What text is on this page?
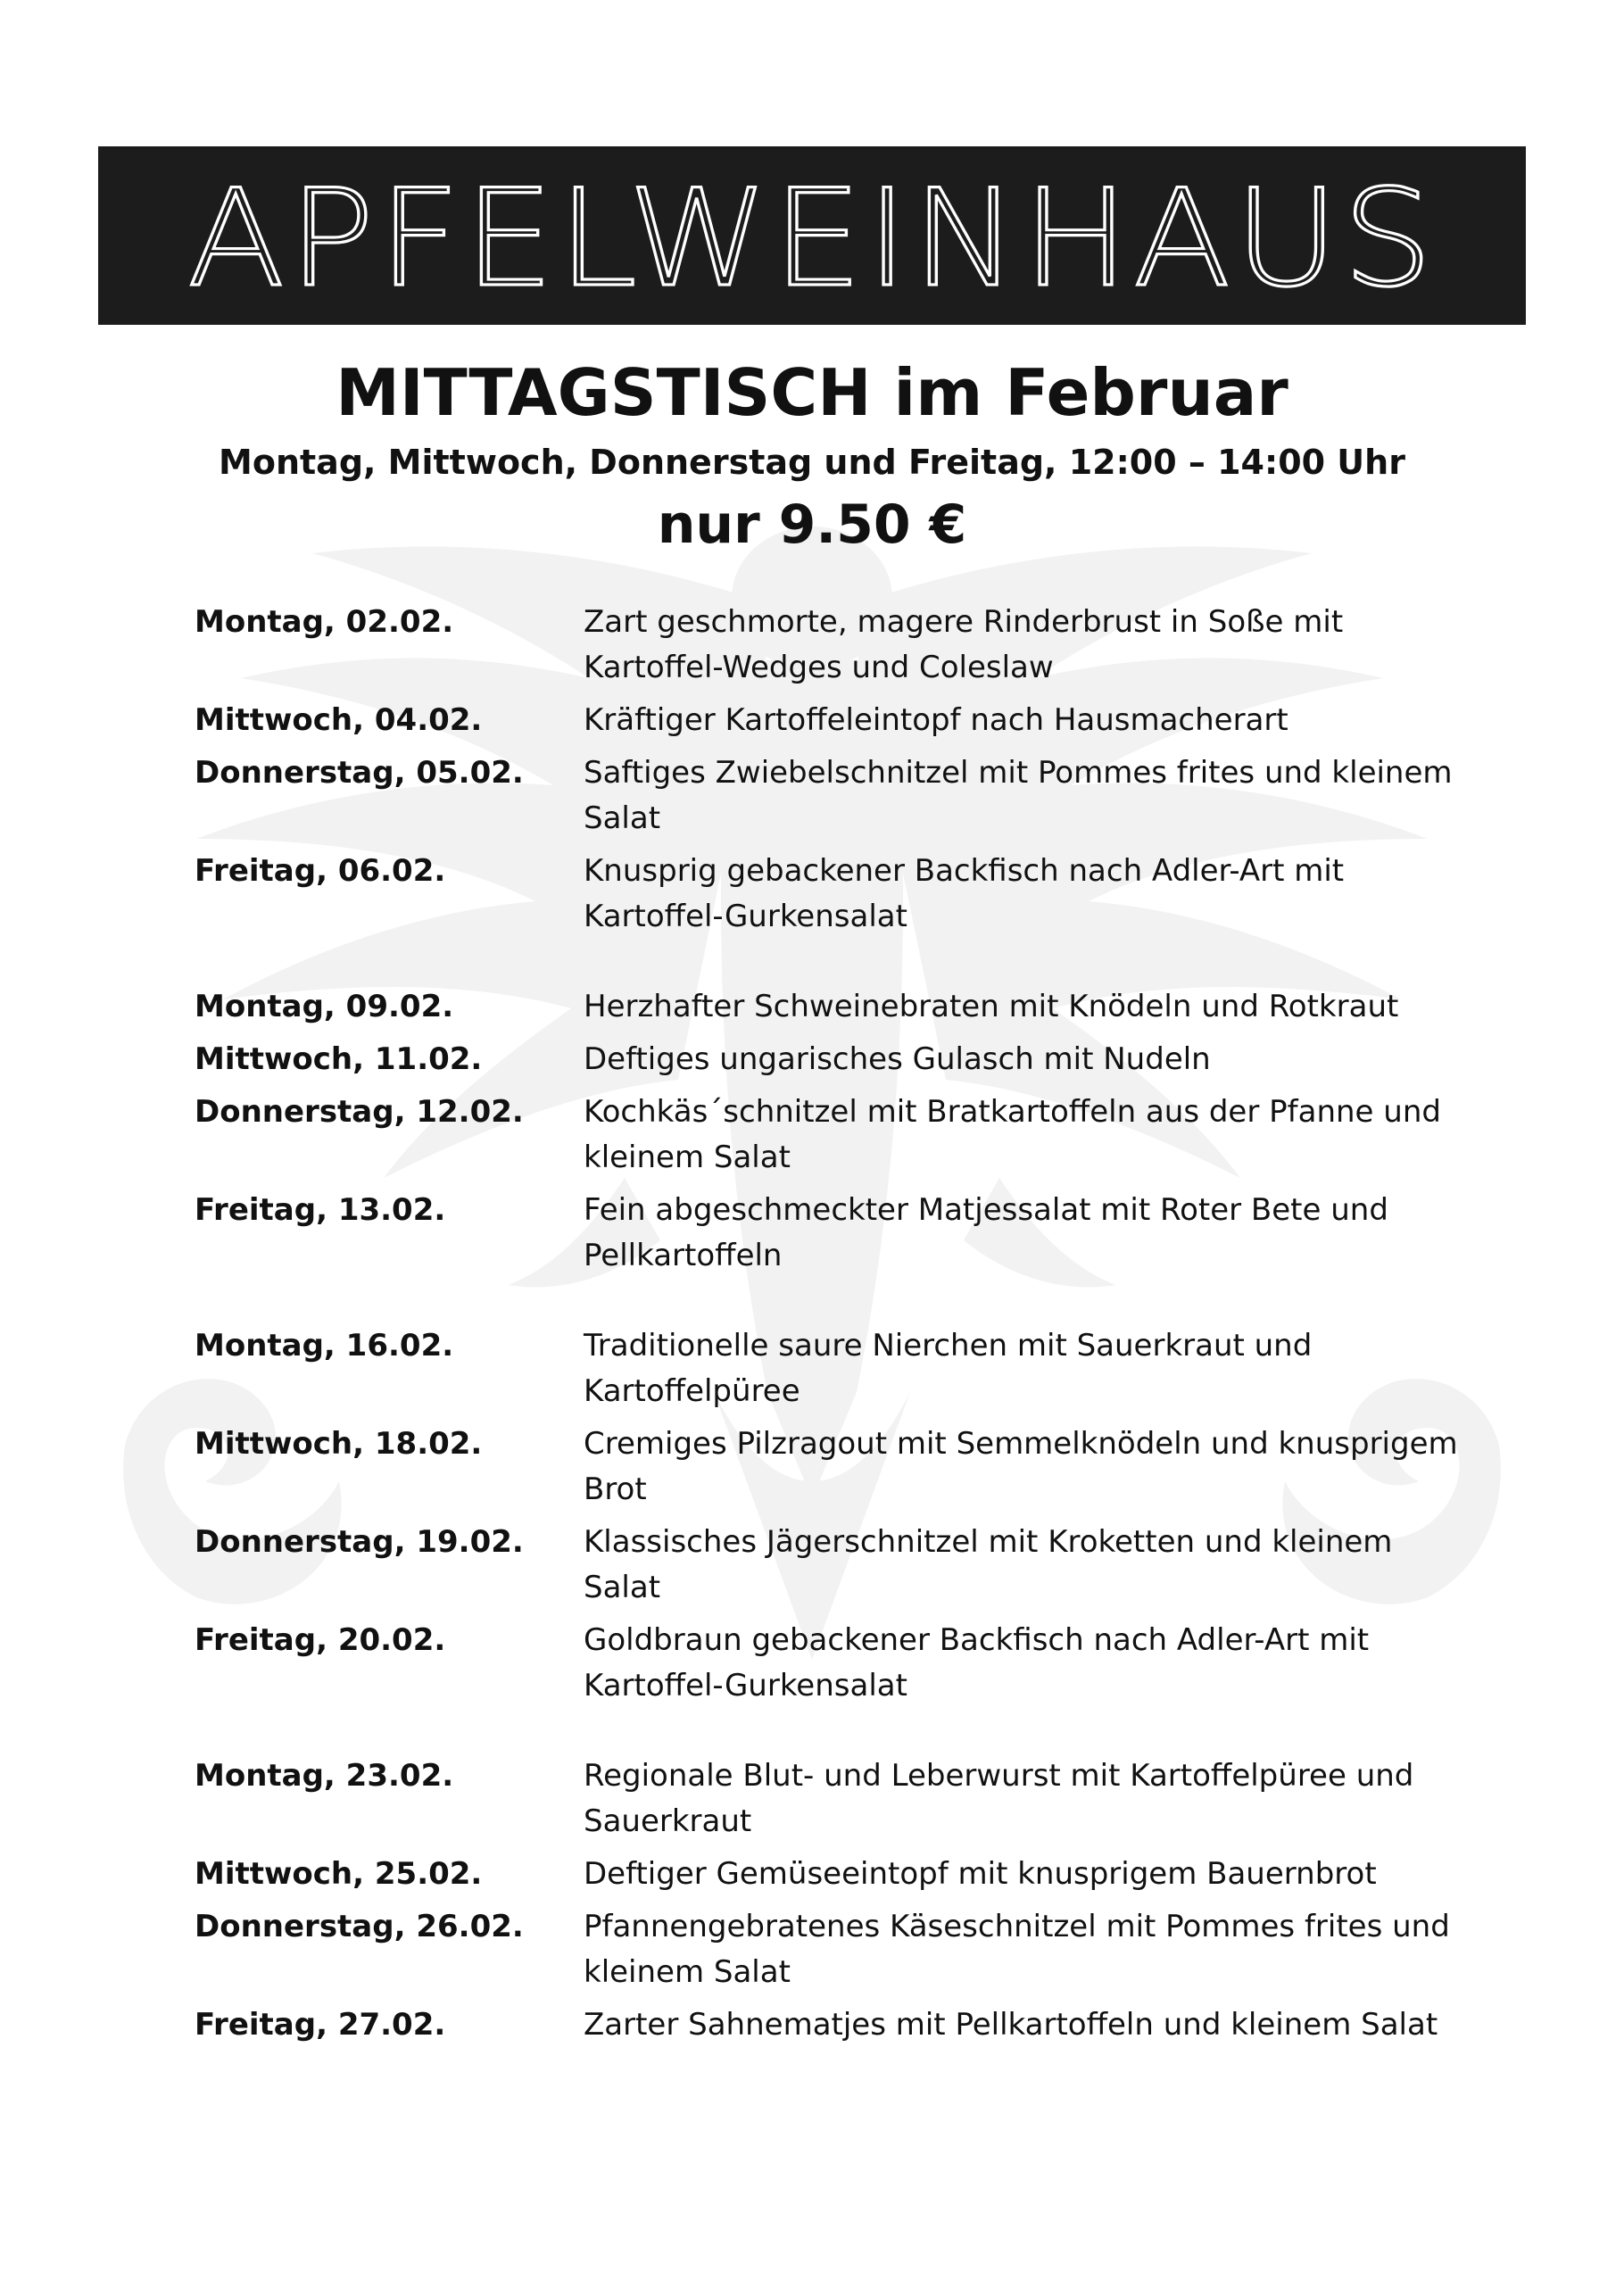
APFELWEINHAUS
MITTAGSTISCH im Februar
Montag, Mittwoch, Donnerstag und Freitag, 12:00 – 14:00 Uhr
nur 9.50 €
Montag, 02.02.	Zart geschmorte, magere Rinderbrust in Soße mit Kartoffel-Wedges und Coleslaw
Mittwoch, 04.02.	Kräftiger Kartoffeleintopf nach Hausmacherart
Donnerstag, 05.02.	Saftiges Zwiebelschnitzel mit Pommes frites und kleinem Salat
Freitag, 06.02.	Knusprig gebackener Backfisch nach Adler-Art mit Kartoffel-Gurkensalat
Montag, 09.02.	Herzhafter Schweinebraten mit Knödeln und Rotkraut
Mittwoch, 11.02.	Deftiges ungarisches Gulasch mit Nudeln
Donnerstag, 12.02.	Kochkäs´schnitzel mit Bratkartoffeln aus der Pfanne und kleinem Salat
Freitag, 13.02.	Fein abgeschmeckter Matjessalat mit Roter Bete und Pellkartoffeln
Montag, 16.02.	Traditionelle saure Nierchen mit Sauerkraut und Kartoffelpüree
Mittwoch, 18.02.	Cremiges Pilzragout mit Semmelknödeln und knusprigem Brot
Donnerstag, 19.02.	Klassisches Jägerschnitzel mit Kroketten und kleinem Salat
Freitag, 20.02.	Goldbraun gebackener Backfisch nach Adler-Art mit Kartoffel-Gurkensalat
Montag, 23.02.	Regionale Blut- und Leberwurst mit Kartoffelpüree und Sauerkraut
Mittwoch, 25.02.	Deftiger Gemüseeintopf mit knusprigem Bauernbrot
Donnerstag, 26.02.	Pfannengebratenes Käseschnitzel mit Pommes frites und kleinem Salat
Freitag, 27.02.	Zarter Sahnematjes mit Pellkartoffeln und kleinem Salat
